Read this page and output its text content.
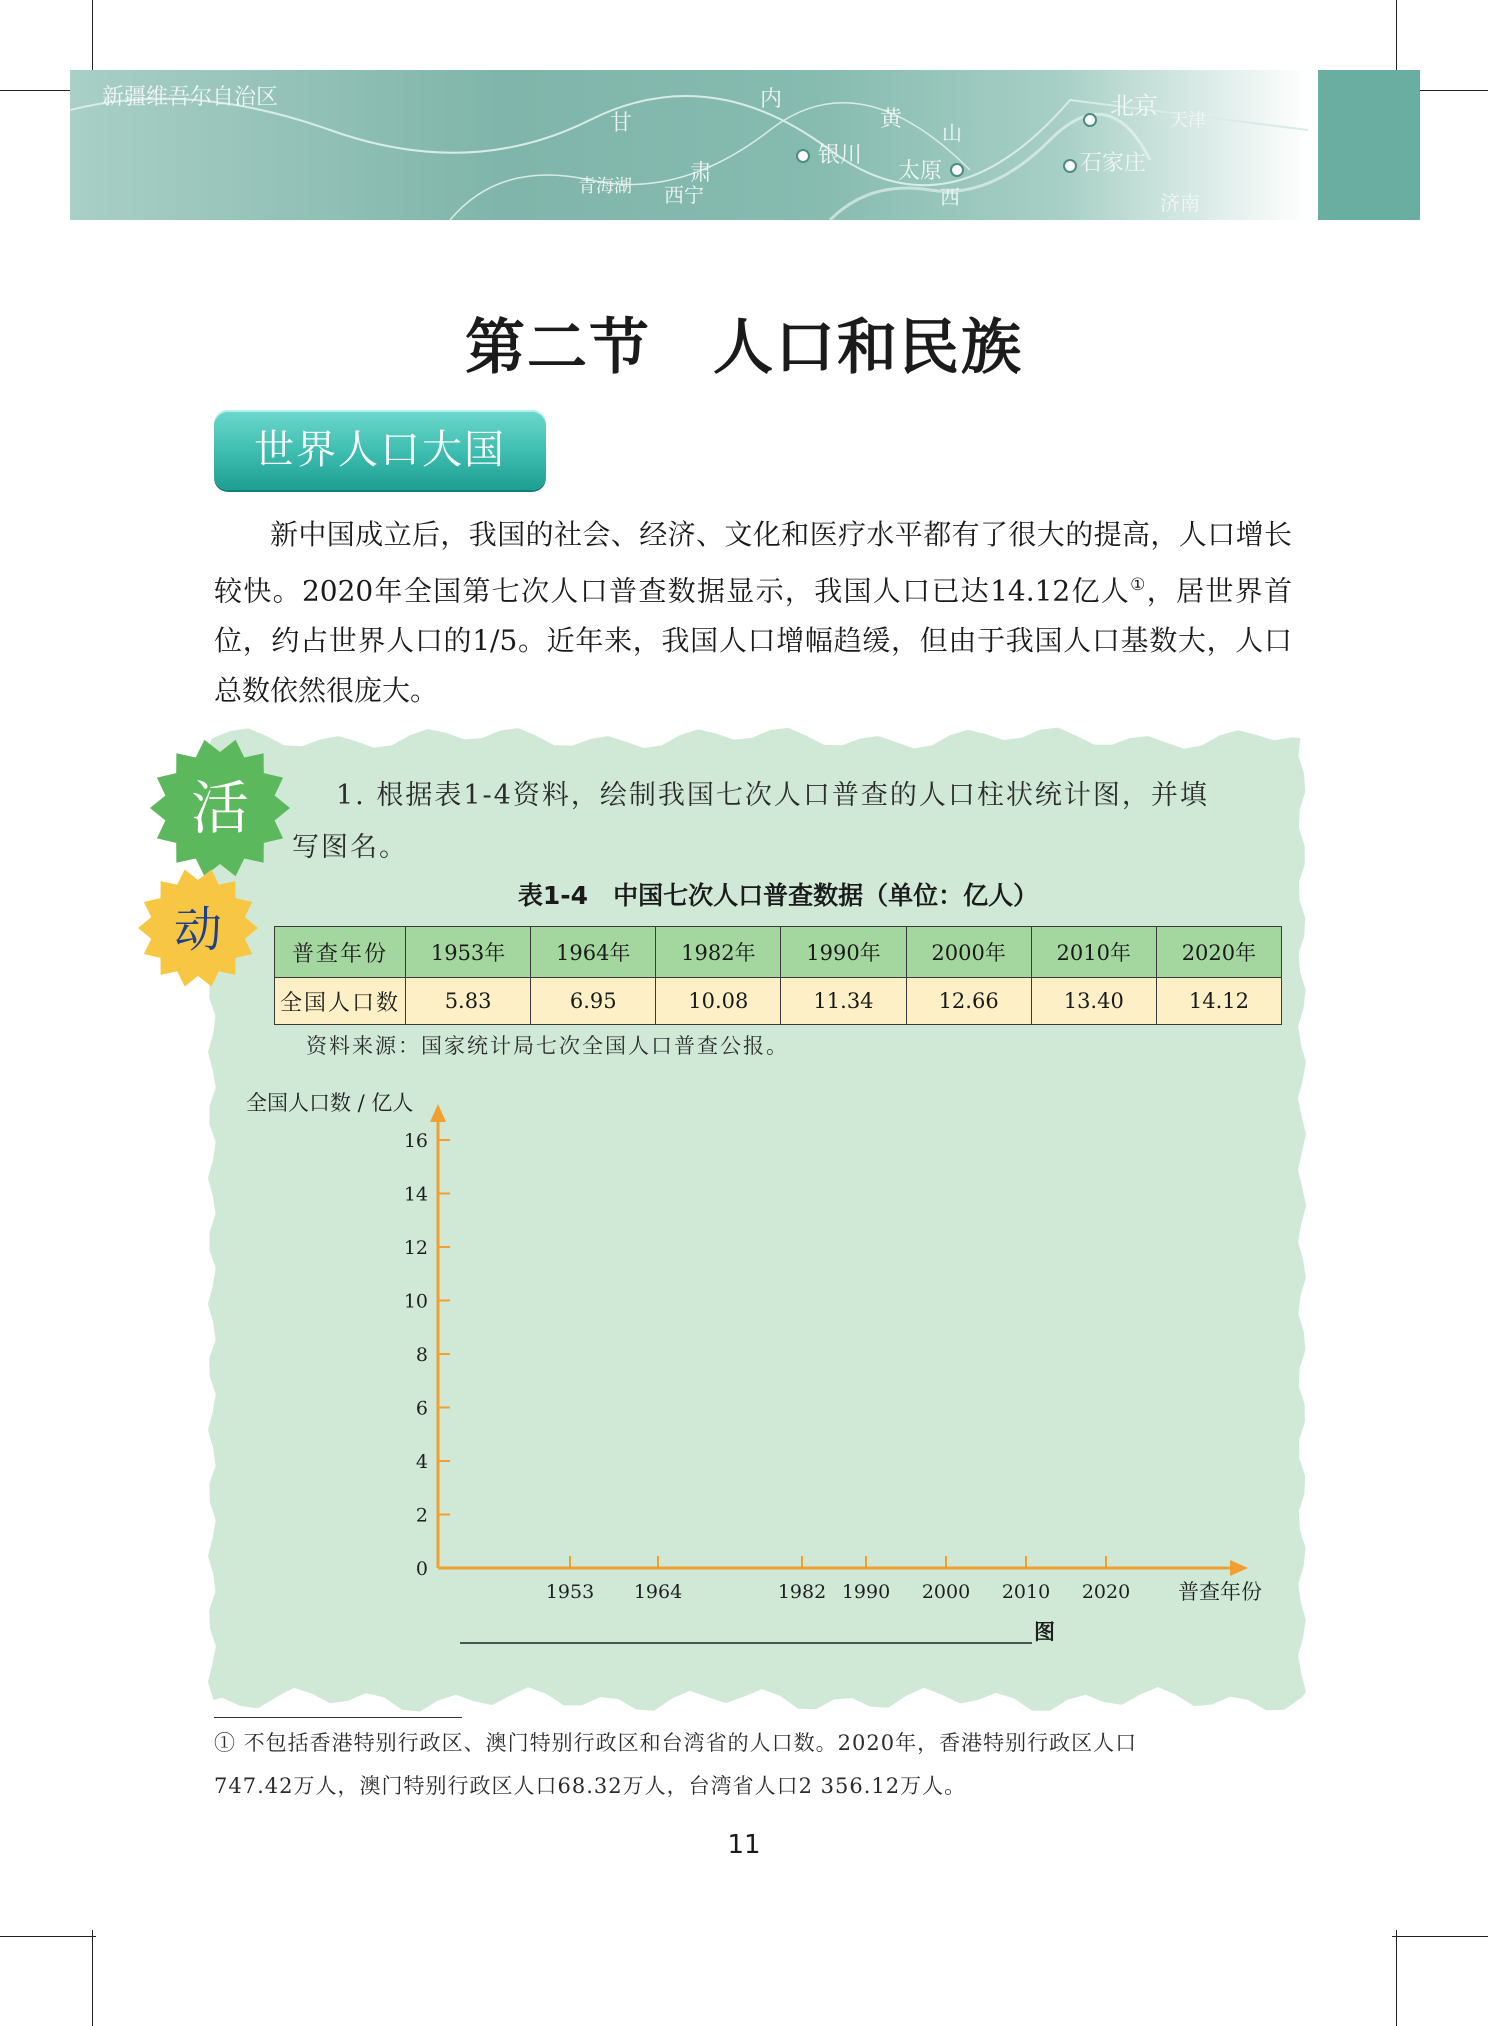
新疆维吾尔自治区
甘
肃
内
青海湖 西宁
银川
太原	石家庄
北京
天津
济南
山
西
黄
第二节　人口和民族
世界人口大国

新中国成立后，我国的社会、经济、文化和医疗水平都有了很大的提高，人口增长较快。2020年全国第七次人口普查数据显示，我国人口已达14.12亿人①，居世界首位，约占世界人口的1/5。近年来，我国人口增幅趋缓，但由于我国人口基数大，人口总数依然很庞大。

活
动
1. 根据表1-4资料，绘制我国七次人口普查的人口柱状统计图，并填
写图名。
表1-4　中国七次人口普查数据（单位：亿人）
普查年份	1953年	1964年	1982年	1990年	2000年	2010年	2020年
全国人口数	5.83	6.95	10.08	11.34	12.66	13.40	14.12
资料来源：国家统计局七次全国人口普查公报。
全国人口数 / 亿人
0
2
4
6
8
10
12
14
16
1953 1964	1982 1990 2000 2010 2020 普查年份
图
① 不包括香港特别行政区、澳门特别行政区和台湾省的人口数。2020年，香港特别行政区人口
747.42万人，澳门特别行政区人口68.32万人，台湾省人口2 356.12万人。
11
